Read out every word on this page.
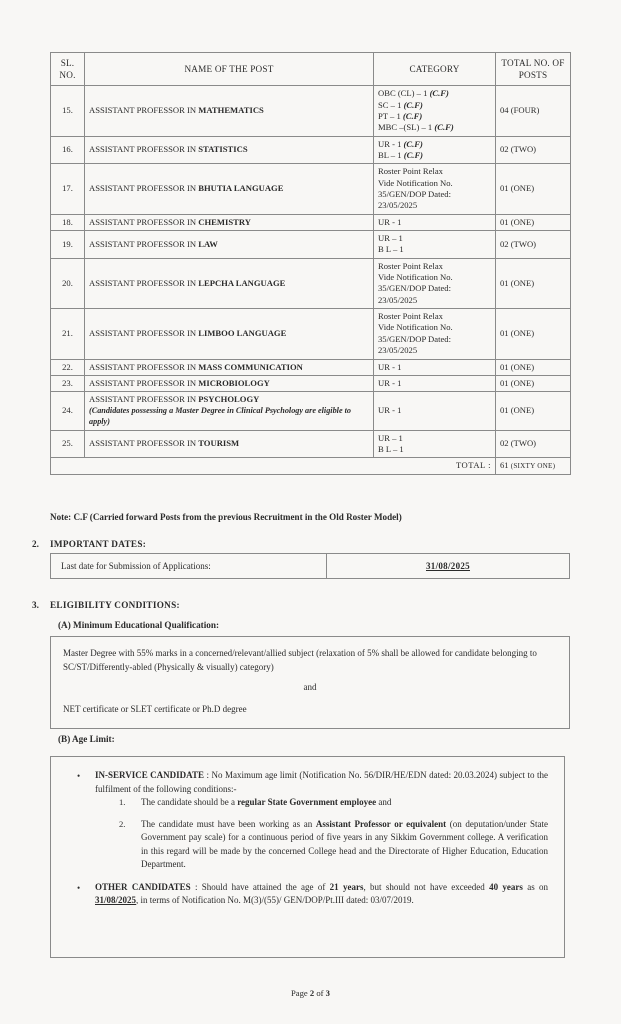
SL. NO.	NAME OF THE POST	CATEGORY	TOTAL NO. OF POSTS
15.	ASSISTANT PROFESSOR IN MATHEMATICS	OBC (CL) – 1 (C.F)
SC – 1 (C.F)
PT – 1 (C.F)
MBC –(SL) – 1 (C.F)	04 (FOUR)
16.	ASSISTANT PROFESSOR IN STATISTICS	UR - 1 (C.F)
BL – 1 (C.F)	02 (TWO)
17.	ASSISTANT PROFESSOR IN BHUTIA LANGUAGE	Roster Point Relax
Vide Notification No.
35/GEN/DOP Dated:
23/05/2025	01 (ONE)
18.	ASSISTANT PROFESSOR IN CHEMISTRY	UR - 1	01 (ONE)
19.	ASSISTANT PROFESSOR IN LAW	UR – 1
B L – 1	02 (TWO)
20.	ASSISTANT PROFESSOR IN LEPCHA LANGUAGE	Roster Point Relax
Vide Notification No.
35/GEN/DOP Dated:
23/05/2025	01 (ONE)
21.	ASSISTANT PROFESSOR IN LIMBOO LANGUAGE	Roster Point Relax
Vide Notification No.
35/GEN/DOP Dated:
23/05/2025	01 (ONE)
22.	ASSISTANT PROFESSOR IN MASS COMMUNICATION	UR - 1	01 (ONE)
23.	ASSISTANT PROFESSOR IN MICROBIOLOGY	UR - 1	01 (ONE)
24.	ASSISTANT PROFESSOR IN PSYCHOLOGY
(Candidates possessing a Master Degree in Clinical Psychology are eligible to apply)	UR - 1	01 (ONE)
25.	ASSISTANT PROFESSOR IN TOURISM	UR – 1
B L – 1	02 (TWO)
TOTAL :			61 (SIXTY ONE)
Note: C.F (Carried forward Posts from the previous Recruitment in the Old Roster Model)
2. IMPORTANT DATES:
Last date for Submission of Applications:	31/08/2025
3. ELIGIBILITY CONDITIONS:
(A) Minimum Educational Qualification:
Master Degree with 55% marks in a concerned/relevant/allied subject (relaxation of 5% shall be allowed for candidate belonging to SC/ST/Differently-abled (Physically & visually) category)
and
NET certificate or SLET certificate or Ph.D degree
(B) Age Limit:
• IN-SERVICE CANDIDATE : No Maximum age limit (Notification No. 56/DIR/HE/EDN dated: 20.03.2024) subject to the fulfilment of the following conditions:-
1. The candidate should be a regular State Government employee and
2. The candidate must have been working as an Assistant Professor or equivalent (on deputation/under State Government pay scale) for a continuous period of five years in any Sikkim Government college. A verification in this regard will be made by the concerned College head and the Directorate of Higher Education, Education Department.
• OTHER CANDIDATES : Should have attained the age of 21 years, but should not have exceeded 40 years as on 31/08/2025, in terms of Notification No. M(3)/(55)/ GEN/DOP/Pt.III dated: 03/07/2019.
Page 2 of 3
